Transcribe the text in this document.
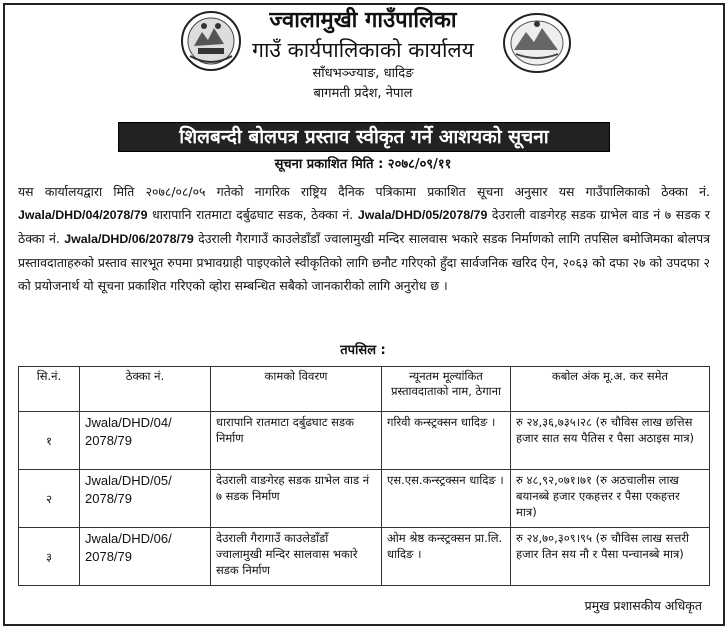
ज्वालामुखी गाउँपालिका
गाउँ कार्यपालिकाको कार्यालय
साँधभञ्ज्याङ, धादिङ
बागमती प्रदेश, नेपाल
शिलबन्दी बोलपत्र प्रस्ताव स्वीकृत गर्ने आशयको सूचना
सूचना प्रकाशित मिति : २०७८/०९/११
यस कार्यालयद्वारा मिति २०७८/०८/०५ गतेको नागरिक राष्ट्रिय दैनिक पत्रिकामा प्रकाशित सूचना अनुसार यस गाउँपालिकाको ठेक्का नं. Jwala/DHD/04/2078/79 धारापानि रातमाटा दर्बुढघाट सडक, ठेक्का नं. Jwala/DHD/05/2078/79 देउराली वाङगेरह सडक ग्राभेल वाड नं ७ सडक र ठेक्का नं. Jwala/DHD/06/2078/79 देउराली गैरागाउँ काउलेडाँडाँ ज्वालामुखी मन्दिर सालवास भकारे सडक निर्माणको लागि तपसिल बमोजिमका बोलपत्र प्रस्तावदाताहरुको प्रस्ताव सारभूत रुपमा प्रभावग्राही पाइएकोले स्वीकृतिको लागि छनौट गरिएको हुँदा सार्वजनिक खरिद ऐन, २०६३ को दफा २७ को उपदफा २ को प्रयोजनार्थ यो सूचना प्रकाशित गरिएको व्होरा सम्बन्धित सबैको जानकारीको लागि अनुरोध छ ।
तपसिल :
सि.नं.	ठेक्का नं.	कामको विवरण	न्यूनतम मूल्यांकित प्रस्तावदाताको नाम, ठेगाना	कबोल अंक मू.अ. कर समेत
१	Jwala/DHD/04/ 2078/79	धारापानि रातमाटा दर्बुढघाट सडक निर्माण	गरिवी कन्स्ट्रक्सन धादिङ ।	रु २४,३६,७३५।२८ (रु चौविस लाख छत्तिस हजार सात सय पैतिस र पैसा अठाइस मात्र)
२	Jwala/DHD/05/ 2078/79	देउराली वाङगेरह सडक ग्राभेल वाड नं ७ सडक निर्माण	एस.एस.कन्स्ट्रक्सन धादिङ ।	रु ४८,९२,०७१।७१ (रु अठचालीस लाख बयानब्बे हजार एकहत्तर र पैसा एकहत्तर मात्र)
३	Jwala/DHD/06/ 2078/79	देउराली गैरागाउँ काउलेडाँडाँ ज्वालामुखी मन्दिर सालवास भकारे सडक निर्माण	ओम श्रेष्ठ कन्स्ट्रक्सन प्रा.लि. धादिङ ।	रु २४,७०,३०९।९५ (रु चौविस लाख सत्तरी हजार तिन सय नौ र पैसा पन्चानब्बे मात्र)
प्रमुख प्रशासकीय अधिकृत
